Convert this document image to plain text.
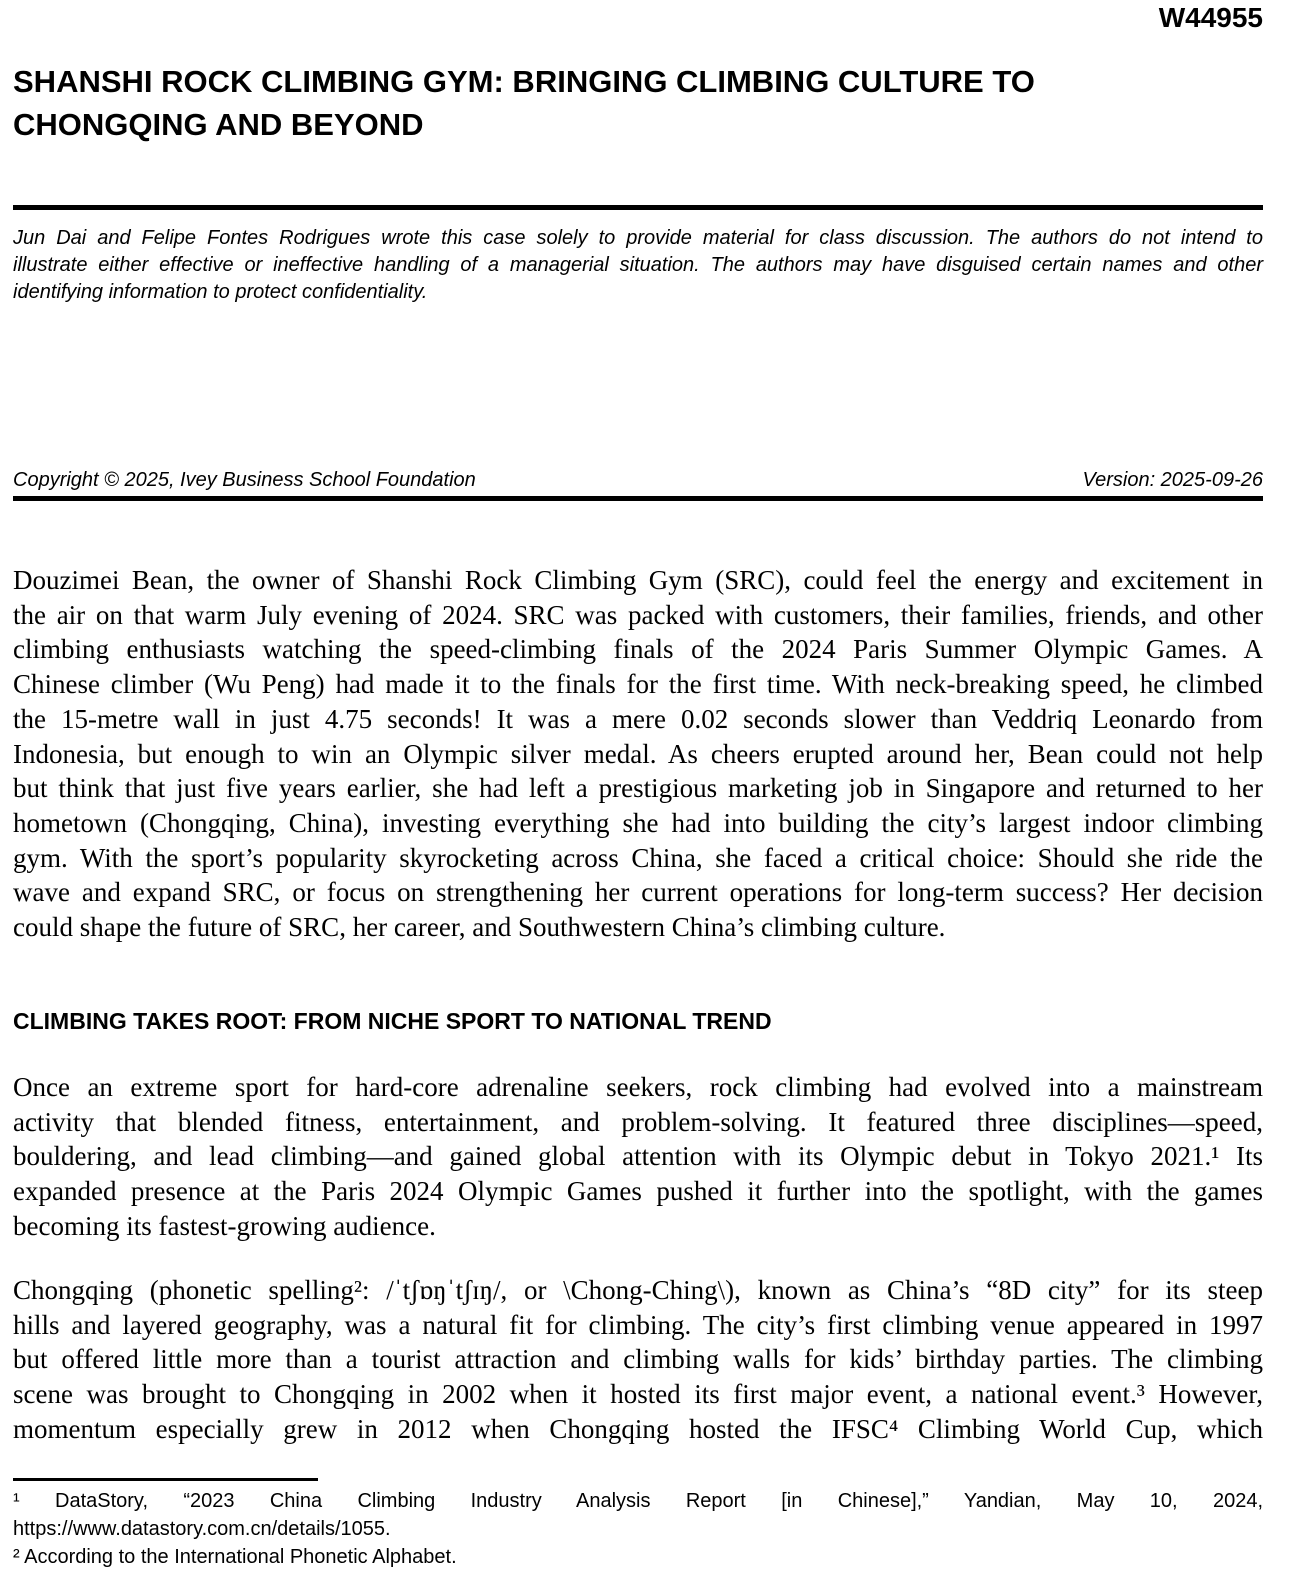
W44955
SHANSHI ROCK CLIMBING GYM: BRINGING CLIMBING CULTURE TO
CHONGQING AND BEYOND
Jun Dai and Felipe Fontes Rodrigues wrote this case solely to provide material for class discussion. The authors do not intend to
illustrate either effective or ineffective handling of a managerial situation. The authors may have disguised certain names and other
identifying information to protect confidentiality.
Copyright © 2025, Ivey Business School Foundation	Version: 2025-09-26
Douzimei Bean, the owner of Shanshi Rock Climbing Gym (SRC), could feel the energy and excitement in
the air on that warm July evening of 2024. SRC was packed with customers, their families, friends, and other
climbing enthusiasts watching the speed-climbing finals of the 2024 Paris Summer Olympic Games. A
Chinese climber (Wu Peng) had made it to the finals for the first time. With neck-breaking speed, he climbed
the 15-metre wall in just 4.75 seconds! It was a mere 0.02 seconds slower than Veddriq Leonardo from
Indonesia, but enough to win an Olympic silver medal. As cheers erupted around her, Bean could not help
but think that just five years earlier, she had left a prestigious marketing job in Singapore and returned to her
hometown (Chongqing, China), investing everything she had into building the city’s largest indoor climbing
gym. With the sport’s popularity skyrocketing across China, she faced a critical choice: Should she ride the
wave and expand SRC, or focus on strengthening her current operations for long-term success? Her decision
could shape the future of SRC, her career, and Southwestern China’s climbing culture.
CLIMBING TAKES ROOT: FROM NICHE SPORT TO NATIONAL TREND
Once an extreme sport for hard-core adrenaline seekers, rock climbing had evolved into a mainstream
activity that blended fitness, entertainment, and problem-solving. It featured three disciplines—speed,
bouldering, and lead climbing—and gained global attention with its Olympic debut in Tokyo 2021.¹ Its
expanded presence at the Paris 2024 Olympic Games pushed it further into the spotlight, with the games
becoming its fastest-growing audience.
Chongqing (phonetic spelling²: /ˈtʃɒŋˈtʃɪŋ/, or \Chong-Ching\), known as China’s “8D city” for its steep
hills and layered geography, was a natural fit for climbing. The city’s first climbing venue appeared in 1997
but offered little more than a tourist attraction and climbing walls for kids’ birthday parties. The climbing
scene was brought to Chongqing in 2002 when it hosted its first major event, a national event.³ However,
momentum especially grew in 2012 when Chongqing hosted the IFSC⁴ Climbing World Cup, which
¹ DataStory, “2023 China Climbing Industry Analysis Report [in Chinese],” Yandian, May 10, 2024,
https://www.datastory.com.cn/details/1055.
² According to the International Phonetic Alphabet.
